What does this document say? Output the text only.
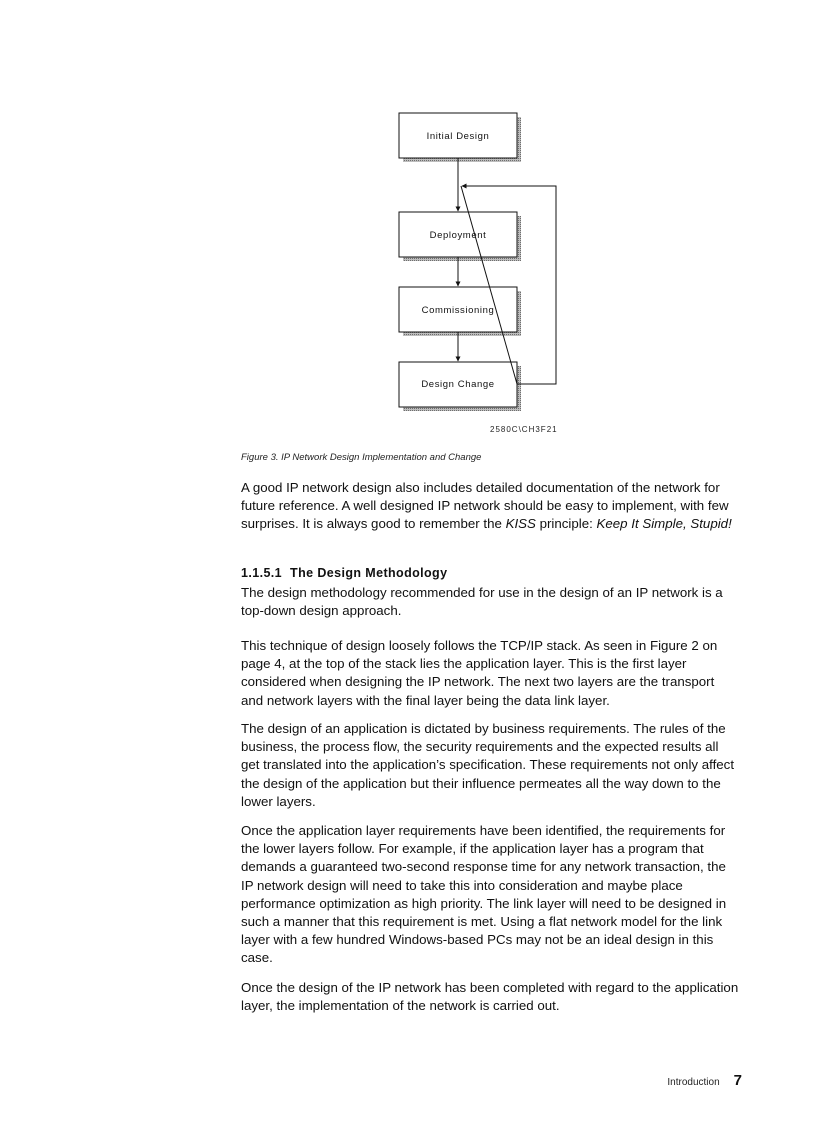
Initial Design
Deployment
Commissioning
Design Change
2580C\CH3F21
Figure 3. IP Network Design Implementation and Change

A good IP network design also includes detailed documentation of the network for future reference. A well designed IP network should be easy to implement, with few surprises. It is always good to remember the KISS principle: Keep It Simple, Stupid!

1.1.5.1 The Design Methodology

The design methodology recommended for use in the design of an IP network is a top-down design approach.

This technique of design loosely follows the TCP/IP stack. As seen in Figure 2 on page 4, at the top of the stack lies the application layer. This is the first layer considered when designing the IP network. The next two layers are the transport and network layers with the final layer being the data link layer.

The design of an application is dictated by business requirements. The rules of the business, the process flow, the security requirements and the expected results all get translated into the application’s specification. These requirements not only affect the design of the application but their influence permeates all the way down to the lower layers.

Once the application layer requirements have been identified, the requirements for the lower layers follow. For example, if the application layer has a program that demands a guaranteed two-second response time for any network transaction, the IP network design will need to take this into consideration and maybe place performance optimization as high priority. The link layer will need to be designed in such a manner that this requirement is met. Using a flat network model for the link layer with a few hundred Windows-based PCs may not be an ideal design in this case.

Once the design of the IP network has been completed with regard to the application layer, the implementation of the network is carried out.

Introduction 7
